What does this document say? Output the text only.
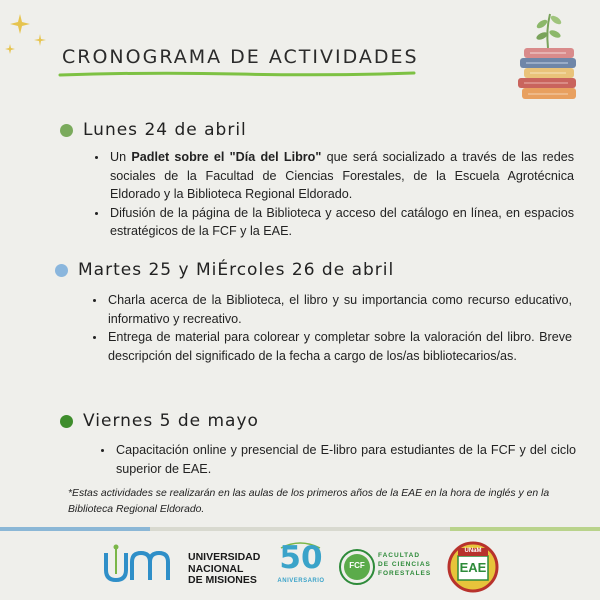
CRONOGRAMA DE ACTIVIDADES
Lunes 24 de abril
• Un Padlet sobre el "Día del Libro" que será socializado a través de las redes sociales de la Facultad de Ciencias Forestales, de la Escuela Agrotécnica Eldorado y la Biblioteca Regional Eldorado.
• Difusión de la página de la Biblioteca y acceso del catálogo en línea, en espacios estratégicos de la FCF y la EAE.
Martes 25 y MiÉrcoles 26 de abril
• Charla acerca de la Biblioteca, el libro y su importancia como recurso educativo, informativo y recreativo.
• Entrega de material para colorear y completar sobre la valoración del libro. Breve descripción del significado de la fecha a cargo de los/as bibliotecarios/as.
Viernes 5 de mayo
• Capacitación online y presencial de E-libro para estudiantes de la FCF y del ciclo superior de EAE.

*Estas actividades se realizarán en las aulas de los primeros años de la EAE en la hora de inglés y en la Biblioteca Regional Eldorado.

UNIVERSIDAD
NACIONAL
DE MISIONES

50

ANIVERSARIO

FACULTAD
DE CIENCIAS
FORESTALES

FCF
UNaM
EAE
